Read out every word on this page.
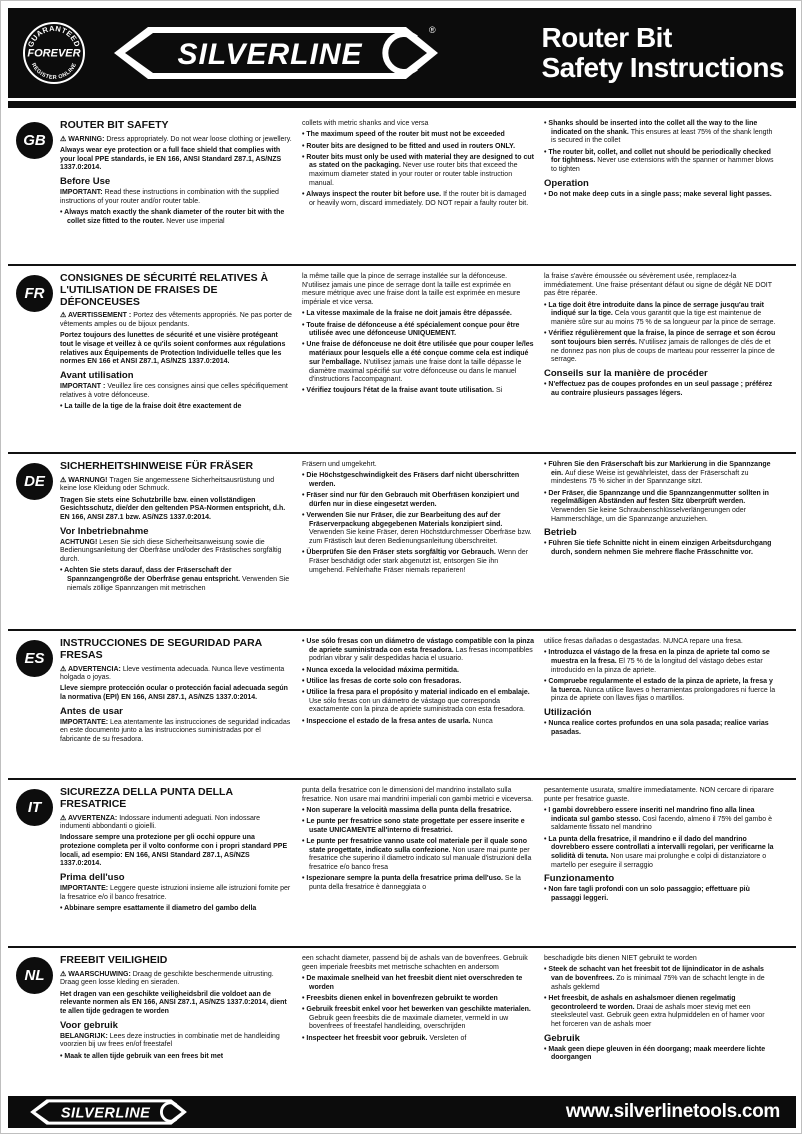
GUARANTEED
FOREVER
REGISTER ONLINE	SILVERLINE
®	Router Bit
Safety Instructions
GB
ROUTER BIT SAFETY
⚠ WARNING: Dress appropriately. Do not wear loose clothing or jewellery.
Always wear eye protection or a full face shield that complies with your local PPE standards, ie EN 166, ANSI Standard Z87.1, AS/NZS 1337.0:2014.
Before Use
IMPORTANT: Read these instructions in combination with the supplied instructions of your router and/or router table.
• Always match exactly the shank diameter of the router bit with the collet size fitted to the router. Never use imperial
collets with metric shanks and vice versa
• The maximum speed of the router bit must not be exceeded
• Router bits are designed to be fitted and used in routers ONLY.
• Router bits must only be used with material they are designed to cut as stated on the packaging. Never use router bits that exceed the maximum diameter stated in your router or router table instruction manual.
• Always inspect the router bit before use. If the router bit is damaged or heavily worn, discard immediately. DO NOT repair a faulty router bit.
• Shanks should be inserted into the collet all the way to the line indicated on the shank. This ensures at least 75% of the shank length is secured in the collet
• The router bit, collet, and collet nut should be periodically checked for tightness. Never use extensions with the spanner or hammer blows to tighten
Operation
• Do not make deep cuts in a single pass; make several light passes.
FR
CONSIGNES DE SÉCURITÉ RELATIVES À L'UTILISATION DE FRAISES DE DÉFONCEUSES
⚠ AVERTISSEMENT : Portez des vêtements appropriés. Ne pas porter de vêtements amples ou de bijoux pendants.
Portez toujours des lunettes de sécurité et une visière protégeant tout le visage et veillez à ce qu'ils soient conformes aux régulations relatives aux Équipements de Protection Individuelle telles que les normes EN 166 et ANSI Z87.1, AS/NZS 1337.0:2014.
Avant utilisation
IMPORTANT : Veuillez lire ces consignes ainsi que celles spécifiquement relatives à votre défonceuse.
• La taille de la tige de la fraise doit être exactement de
la même taille que la pince de serrage installée sur la défonceuse. N'utilisez jamais une pince de serrage dont la taille est exprimée en mesure métrique avec une fraise dont la taille est exprimée en mesure impériale et vice versa.
• La vitesse maximale de la fraise ne doit jamais être dépassée.
• Toute fraise de défonceuse a été spécialement conçue pour être utilisée avec une défonceuse UNIQUEMENT.
• Une fraise de défonceuse ne doit être utilisée que pour couper le/les matériaux pour lesquels elle a été conçue comme cela est indiqué sur l'emballage. N'utilisez jamais une fraise dont la taille dépasse le diamètre maximal spécifié sur votre défonceuse ou dans le manuel d'instructions l'accompagnant.
• Vérifiez toujours l'état de la fraise avant toute utilisation. Si
la fraise s'avère émoussée ou sévèrement usée, remplacez-la immédiatement. Une fraise présentant défaut ou signe de dégât NE DOIT pas être réparée.
• La tige doit être introduite dans la pince de serrage jusqu'au trait indiqué sur la tige. Cela vous garantit que la tige est maintenue de manière sûre sur au moins 75 % de sa longueur par la pince de serrage.
• Vérifiez régulièrement que la fraise, la pince de serrage et son écrou sont toujours bien serrés. N'utilisez jamais de rallonges de clés de et ne donnez pas non plus de coups de marteau pour resserrer la pince de serrage.
Conseils sur la manière de procéder
• N'effectuez pas de coupes profondes en un seul passage ; préférez au contraire plusieurs passages légers.
DE
SICHERHEITSHINWEISE FÜR FRÄSER
⚠ WARNUNG! Tragen Sie angemessene Sicherheitsausrüstung und keine lose Kleidung oder Schmuck.
Tragen Sie stets eine Schutzbrille bzw. einen vollständigen Gesichtsschutz, die/der den geltenden PSA-Normen entspricht, d.h. EN 166, ANSI Z87.1 bzw. AS/NZS 1337.0:2014.
Vor Inbetriebnahme
ACHTUNG! Lesen Sie sich diese Sicherheitsanweisung sowie die Bedienungsanleitung der Oberfräse und/oder des Frästisches sorgfältig durch.
• Achten Sie stets darauf, dass der Fräserschaft der Spannzangengröße der Oberfräse genau entspricht. Verwenden Sie niemals zöllige Spannzangen mit metrischen
Fräsern und umgekehrt.
• Die Höchstgeschwindigkeit des Fräsers darf nicht überschritten werden.
• Fräser sind nur für den Gebrauch mit Oberfräsen konzipiert und dürfen nur in diese eingesetzt werden.
• Verwenden Sie nur Fräser, die zur Bearbeitung des auf der Fräserverpackung abgegebenen Materials konzipiert sind. Verwenden Sie keine Fräser, deren Höchstdurchmesser Oberfräse bzw. zum Frästisch laut deren Bedienungsanleitung überschreitet.
• Überprüfen Sie den Fräser stets sorgfältig vor Gebrauch. Wenn der Fräser beschädigt oder stark abgenutzt ist, entsorgen Sie ihn umgehend. Fehlerhafte Fräser niemals reparieren!
• Führen Sie den Fräserschaft bis zur Markierung in die Spannzange ein. Auf diese Weise ist gewährleistet, dass der Fräserschaft zu mindestens 75 % sicher in der Spannzange sitzt.
• Der Fräser, die Spannzange und die Spannzangenmutter sollten in regelmäßigen Abständen auf festen Sitz überprüft werden. Verwenden Sie keine Schraubenschlüsselverlängerungen oder Hammerschläge, um die Spannzange anzuziehen.
Betrieb
• Führen Sie tiefe Schnitte nicht in einem einzigen Arbeitsdurchgang durch, sondern nehmen Sie mehrere flache Frässchnitte vor.
ES
INSTRUCCIONES DE SEGURIDAD PARA FRESAS
⚠ ADVERTENCIA: Lleve vestimenta adecuada. Nunca lleve vestimenta holgada o joyas.
Lleve siempre protección ocular o protección facial adecuada según la normativa (EPI) EN 166, ANSI Z87.1, AS/NZS 1337.0:2014.
Antes de usar
IMPORTANTE: Lea atentamente las instrucciones de seguridad indicadas en este documento junto a las instrucciones suministradas por el fabricante de su fresadora.
• Use sólo fresas con un diámetro de vástago compatible con la pinza de apriete suministrada con esta fresadora. Las fresas incompatibles podrían vibrar y salir despedidas hacia el usuario.
• Nunca exceda la velocidad máxima permitida.
• Utilice las fresas de corte solo con fresadoras.
• Utilice la fresa para el propósito y material indicado en el embalaje. Use sólo fresas con un diámetro de vástago que corresponda exactamente con la pinza de apriete suministrada con esta fresadora.
• Inspeccione el estado de la fresa antes de usarla. Nunca
utilice fresas dañadas o desgastadas. NUNCA repare una fresa.
• Introduzca el vástago de la fresa en la pinza de apriete tal como se muestra en la fresa. El 75 % de la longitud del vástago debes estar introducido en la pinza de apriete.
• Compruebe regularmente el estado de la pinza de apriete, la fresa y la tuerca. Nunca utilice llaves o herramientas prolongadores ni fuerce la pinza de apriete con llaves fijas o martillos.
Utilización
• Nunca realice cortes profundos en una sola pasada; realice varias pasadas.
IT
SICUREZZA DELLA PUNTA DELLA FRESATRICE
⚠ AVVERTENZA: Indossare indumenti adeguati. Non indossare indumenti abbondanti o gioielli.
Indossare sempre una protezione per gli occhi oppure una protezione completa per il volto conforme con i propri standard PPE locali, ad esempio: EN 166, ANSI Standard Z87.1, AS/NZS 1337.0:2014.
Prima dell'uso
IMPORTANTE: Leggere queste istruzioni insieme alle istruzioni fornite per la fresatrice e/o il banco fresatrice.
• Abbinare sempre esattamente il diametro del gambo della
punta della fresatrice con le dimensioni del mandrino installato sulla fresatrice. Non usare mai mandrini imperiali con gambi metrici e viceversa.
• Non superare la velocità massima della punta della fresatrice.
• Le punte per fresatrice sono state progettate per essere inserite e usate UNICAMENTE all'interno di fresatrici.
• Le punte per fresatrice vanno usate col materiale per il quale sono state progettate, indicato sulla confezione. Non usare mai punte per fresatrice che superino il diametro indicato sul manuale d'istruzioni della fresatrice e/o banco fresa
• Ispezionare sempre la punta della fresatrice prima dell'uso. Se la punta della fresatrice è danneggiata o
pesantemente usurata, smaltire immediatamente. NON cercare di riparare punte per fresatrice guaste.
• I gambi dovrebbero essere inseriti nel mandrino fino alla linea indicata sul gambo stesso. Così facendo, almeno il 75% del gambo è saldamente fissato nel mandrino
• La punta della fresatrice, il mandrino e il dado del mandrino dovrebbero essere controllati a intervalli regolari, per verificarne la solidità di tenuta. Non usare mai prolunghe e colpi di distanziatore o martello per eseguire il serraggio
Funzionamento
• Non fare tagli profondi con un solo passaggio; effettuare più passaggi leggeri.
NL
FREEBIT VEILIGHEID
⚠ WAARSCHUWING: Draag de geschikte beschermende uitrusting. Draag geen losse kleding en sieraden.
Het dragen van een geschikte veiligheidsbril die voldoet aan de relevante normen als EN 166, ANSI Z87.1, AS/NZS 1337.0:2014, dient te allen tijde gedragen te worden
Voor gebruik
BELANGRIJK: Lees deze instructies in combinatie met de handleiding voorzien bij uw frees en/of freestafel
• Maak te allen tijde gebruik van een frees bit met
een schacht diameter, passend bij de ashals van de bovenfrees. Gebruik geen imperiale freesbits met metrische schachten en andersom
• De maximale snelheid van het freesbit dient niet overschreden te worden
• Freesbits dienen enkel in bovenfrezen gebruikt te worden
• Gebruik freesbit enkel voor het bewerken van geschikte materialen. Gebruik geen freesbits die de maximale diameter, vermeld in uw bovenfrees of freestafel handleiding, overschrijden
• Inspecteer het freesbit voor gebruik. Versleten of
beschadigde bits dienen NIET gebruikt te worden
• Steek de schacht van het freesbit tot de lijnindicator in de ashals van de bovenfrees. Zo is minimaal 75% van de schacht lengte in de ashals geklemd
• Het freesbit, de ashals en ashalsmoer dienen regelmatig gecontroleerd te worden. Draai de ashals moer stevig met een steeksleutel vast. Gebruik geen extra hulpmiddelen en of hamer voor het forceren van de ashals moer
Gebruik
• Maak geen diepe gleuven in één doorgang; maak meerdere lichte doorgangen
SILVERLINE	www.silverlinetools.com
